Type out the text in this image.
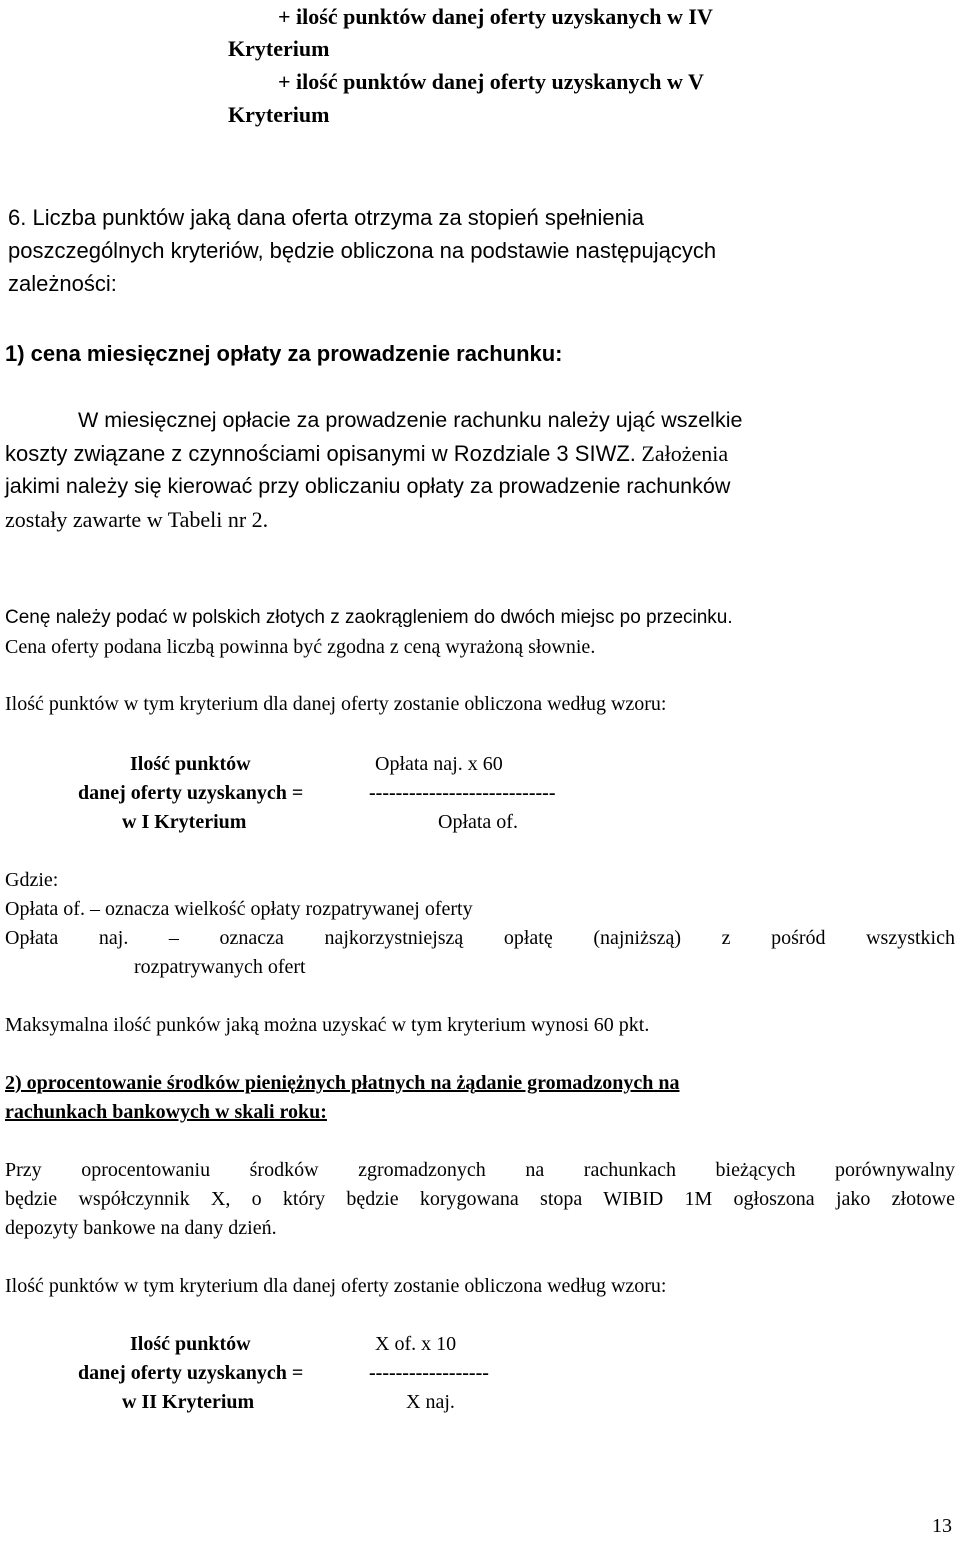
+ ilość punktów danej oferty uzyskanych w IV
Kryterium
+ ilość punktów danej oferty uzyskanych w V
Kryterium
6. Liczba punktów jaką dana oferta otrzyma za stopień spełnienia
poszczególnych kryteriów, będzie obliczona na podstawie następujących
zależności:
1) cena miesięcznej opłaty za prowadzenie rachunku:
W miesięcznej opłacie za prowadzenie rachunku należy ująć wszelkie
koszty związane z czynnościami opisanymi w Rozdziale 3 SIWZ. Założenia
jakimi należy się kierować przy obliczaniu opłaty za prowadzenie rachunków
zostały zawarte w Tabeli nr 2.
Cenę należy podać w polskich złotych z zaokrągleniem do dwóch miejsc po przecinku.
Cena oferty podana liczbą powinna być zgodna z ceną wyrażoną słownie.
Ilość punktów w tym kryterium dla danej oferty zostanie obliczona według wzoru:
Ilość punktów	Opłata naj. x 60
danej oferty uzyskanych =	----------------------------
w I Kryterium	Opłata of.
Gdzie:
Opłata of. – oznacza wielkość opłaty rozpatrywanej oferty
Opłata naj. – oznacza najkorzystniejszą opłatę (najniższą) z pośród wszystkich
rozpatrywanych ofert
Maksymalna ilość punków jaką można uzyskać w tym kryterium wynosi 60 pkt.
2) oprocentowanie środków pieniężnych płatnych na żądanie gromadzonych na
rachunkach bankowych w skali roku:
Przy oprocentowaniu środków zgromadzonych na rachunkach bieżących porównywalny
będzie współczynnik X, o który będzie korygowana stopa WIBID 1M ogłoszona jako złotowe
depozyty bankowe na dany dzień.
Ilość punktów w tym kryterium dla danej oferty zostanie obliczona według wzoru:
Ilość punktów	X of. x 10
danej oferty uzyskanych =	------------------
w II Kryterium	X naj.
13
